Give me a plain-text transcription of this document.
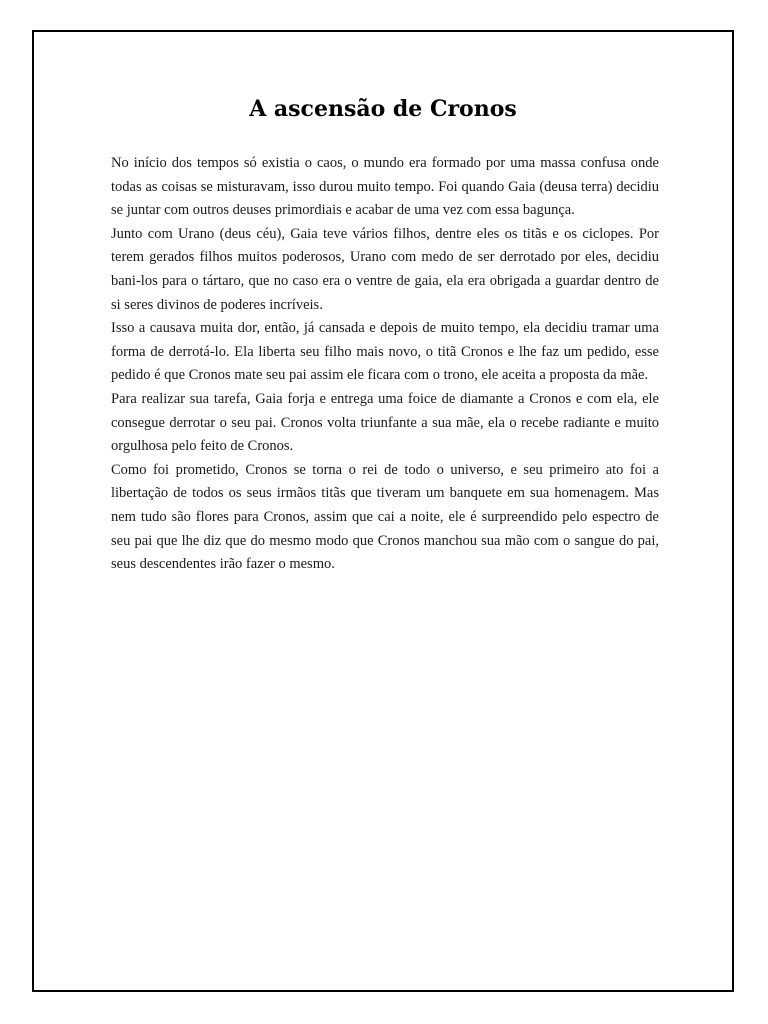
A ascensão de Cronos

No início dos tempos só existia o caos, o mundo era formado por uma massa confusa onde todas as coisas se misturavam, isso durou muito tempo. Foi quando Gaia (deusa terra) decidiu se juntar com outros deuses primordiais e acabar de uma vez com essa bagunça.

Junto com Urano (deus céu), Gaia teve vários filhos, dentre eles os titãs e os ciclopes. Por terem gerados filhos muitos poderosos, Urano com medo de ser derrotado por eles, decidiu bani-los para o tártaro, que no caso era o ventre de gaia, ela era obrigada a guardar dentro de si seres divinos de poderes incríveis.

Isso a causava muita dor, então, já cansada e depois de muito tempo, ela decidiu tramar uma forma de derrotá-lo. Ela liberta seu filho mais novo, o titã Cronos e lhe faz um pedido, esse pedido é que Cronos mate seu pai assim ele ficara com o trono, ele aceita a proposta da mãe.

Para realizar sua tarefa, Gaia forja e entrega uma foice de diamante a Cronos e com ela, ele consegue derrotar o seu pai. Cronos volta triunfante a sua mãe, ela o recebe radiante e muito orgulhosa pelo feito de Cronos.

Como foi prometido, Cronos se torna o rei de todo o universo, e seu primeiro ato foi a libertação de todos os seus irmãos titãs que tiveram um banquete em sua homenagem. Mas nem tudo são flores para Cronos, assim que cai a noite, ele é surpreendido pelo espectro de seu pai que lhe diz que do mesmo modo que Cronos manchou sua mão com o sangue do pai, seus descendentes irão fazer o mesmo.
